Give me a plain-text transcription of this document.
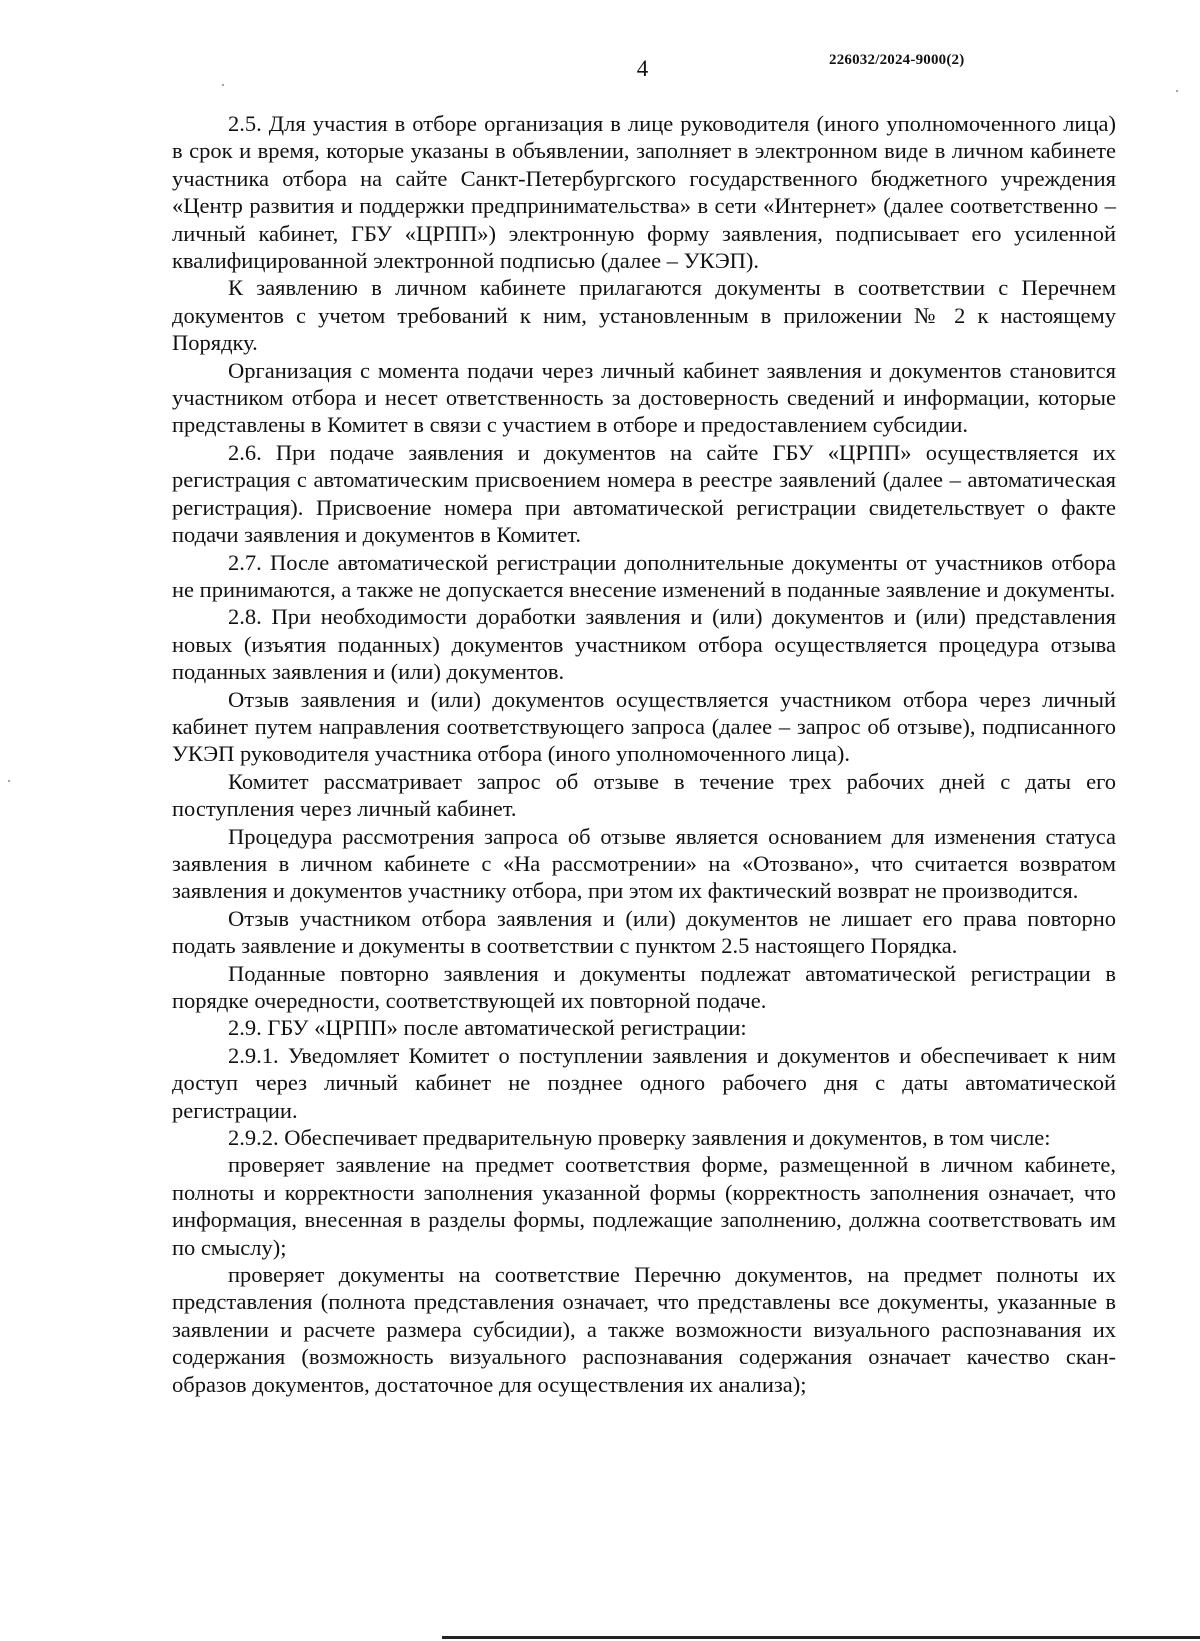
4	226032/2024-9000(2)

2.5. Для участия в отборе организация в лице руководителя (иного уполномоченного лица) в срок и время, которые указаны в объявлении, заполняет в электронном виде в личном кабинете участника отбора на сайте Санкт-Петербургского государственного бюджетного учреждения «Центр развития и поддержки предпринимательства» в сети «Интернет» (далее соответственно – личный кабинет, ГБУ «ЦРПП») электронную форму заявления, подписывает его усиленной квалифицированной электронной подписью (далее – УКЭП).

К заявлению в личном кабинете прилагаются документы в соответствии с Перечнем документов с учетом требований к ним, установленным в приложении № 2 к настоящему Порядку.

Организация с момента подачи через личный кабинет заявления и документов становится участником отбора и несет ответственность за достоверность сведений и информации, которые представлены в Комитет в связи с участием в отборе и предоставлением субсидии.

2.6. При подаче заявления и документов на сайте ГБУ «ЦРПП» осуществляется их регистрация с автоматическим присвоением номера в реестре заявлений (далее – автоматическая регистрация). Присвоение номера при автоматической регистрации свидетельствует о факте подачи заявления и документов в Комитет.

2.7. После автоматической регистрации дополнительные документы от участников отбора не принимаются, а также не допускается внесение изменений в поданные заявление и документы.

2.8. При необходимости доработки заявления и (или) документов и (или) представления новых (изъятия поданных) документов участником отбора осуществляется процедура отзыва поданных заявления и (или) документов.

Отзыв заявления и (или) документов осуществляется участником отбора через личный кабинет путем направления соответствующего запроса (далее – запрос об отзыве), подписанного УКЭП руководителя участника отбора (иного уполномоченного лица).

Комитет рассматривает запрос об отзыве в течение трех рабочих дней с даты его поступления через личный кабинет.

Процедура рассмотрения запроса об отзыве является основанием для изменения статуса заявления в личном кабинете с «На рассмотрении» на «Отозвано», что считается возвратом заявления и документов участнику отбора, при этом их фактический возврат не производится.

Отзыв участником отбора заявления и (или) документов не лишает его права повторно подать заявление и документы в соответствии с пунктом 2.5 настоящего Порядка.

Поданные повторно заявления и документы подлежат автоматической регистрации в порядке очередности, соответствующей их повторной подаче.

2.9. ГБУ «ЦРПП» после автоматической регистрации:

2.9.1. Уведомляет Комитет о поступлении заявления и документов и обеспечивает к ним доступ через личный кабинет не позднее одного рабочего дня с даты автоматической регистрации.

2.9.2. Обеспечивает предварительную проверку заявления и документов, в том числе:

проверяет заявление на предмет соответствия форме, размещенной в личном кабинете, полноты и корректности заполнения указанной формы (корректность заполнения означает, что информация, внесенная в разделы формы, подлежащие заполнению, должна соответствовать им по смыслу);

проверяет документы на соответствие Перечню документов, на предмет полноты их представления (полнота представления означает, что представлены все документы, указанные в заявлении и расчете размера субсидии), а также возможности визуального распознавания их содержания (возможность визуального распознавания содержания означает качество скан-образов документов, достаточное для осуществления их анализа);
